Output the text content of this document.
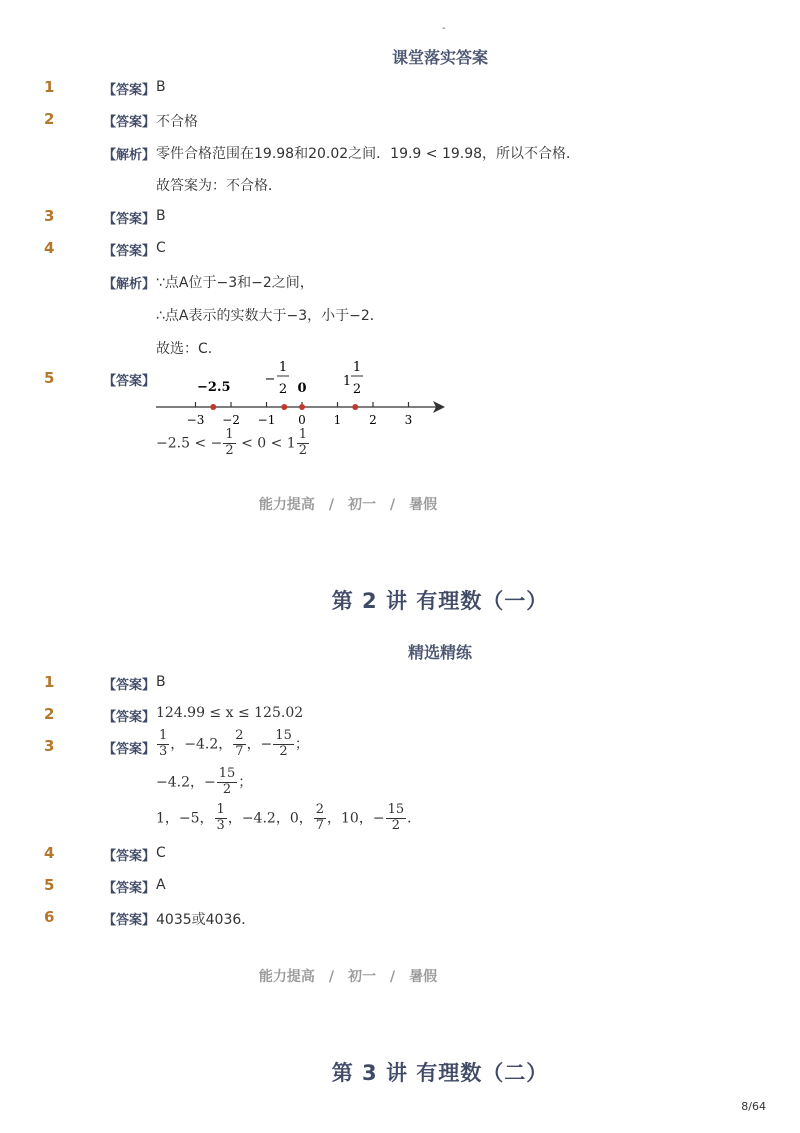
-
课堂落实答案
1	【答案】 B
2	【答案】 不合格
【解析】 零件合格范围在19.98和20.02之间．19.9 < 19.98，所以不合格．
故答案为：不合格．
3	【答案】 B
4	【答案】 C
【解析】 ∵点A位于−3和−2之间，
∴点A表示的实数大于−3，小于−2．
故选：C．
5	【答案】
−3 −2 −1 0 1 2 3
−2.5
−
1
2 0	1
1
2
−2.5 < − $\frac{1}{2} < 0 < 1 \frac{1}{2}$
能力提高　/　初一　/　暑假
第 2 讲 有理数（一）
精选精练
1	【答案】 B
2	【答案】 124.99 ≤ x ≤ 125.02
3	【答案】 $\frac{1}{3}$ ，−4.2， $\frac{2}{7}$ ，− $\frac{15}{2}$ ；
−4.2，− $\frac{15}{2}$ ；
1，−5， $\frac{1}{3}$ ，−4.2，0， $\frac{2}{7}$ ，10，− $\frac{15}{2}$ ．
4	【答案】 C
5	【答案】 A
6	【答案】 4035或4036．
能力提高　/　初一　/　暑假
第 3 讲 有理数（二）
8/64
